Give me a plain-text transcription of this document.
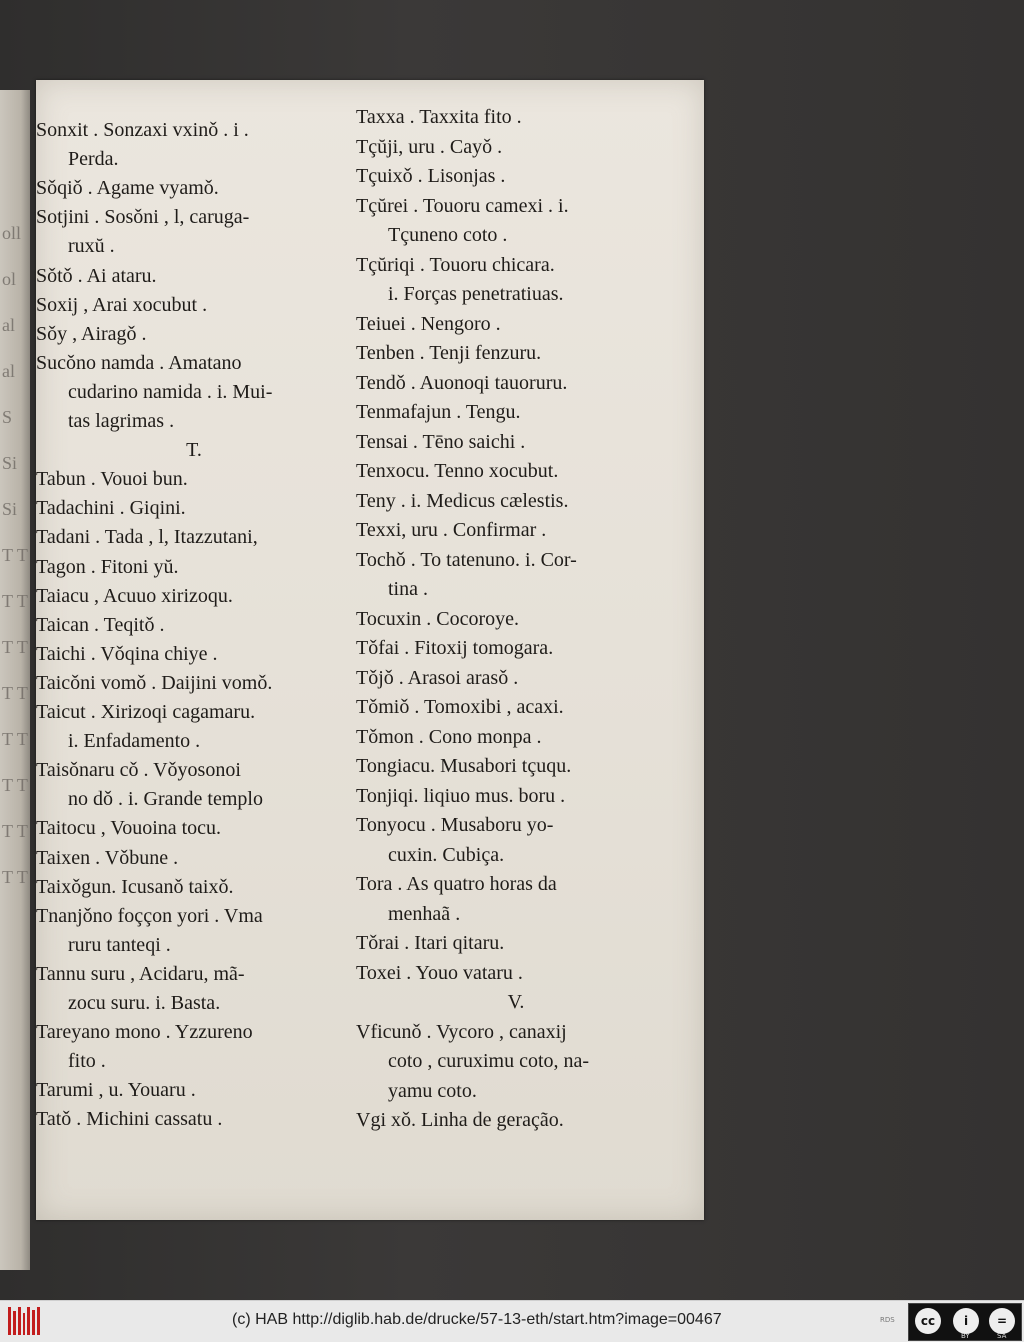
oll ol al al S Si Si T T T T T T T T T T T T T T T T
Sonxit . Sonzaxi vxinǒ . i .
Perda.
Sǒqiǒ . Agame vyamǒ.
Sotjini . Sosǒni , l, caruga-
ruxŭ .
Sǒtǒ . Ai ataru.
Soxij , Arai xocubut .
Sǒy , Airagǒ .
Sucǒno namda . Amatano
cudarino namida . i. Mui-
tas lagrimas .
T.
Tabun . Vouoi bun.
Tadachini . Giqini.
Tadani . Tada , l, Itazzutani,
Tagon . Fitoni yŭ.
Taiacu , Acuuo xirizoqu.
Taican . Teqitǒ .
Taichi . Vǒqina chiye .
Taicǒni vomǒ . Daijini vomǒ.
Taicut . Xirizoqi cagamaru.
i. Enfadamento .
Taisǒnaru cǒ . Vǒyosonoi
no dǒ . i. Grande templo
Taitocu , Vouoina tocu.
Taixen . Vǒbune .
Taixǒgun. Icusanǒ taixǒ.
Tnanjǒno foççon yori . Vma
ruru tanteqi .
Tannu suru , Acidaru, mã-
zocu suru. i. Basta.
Tareyano mono . Yzzureno
fito .
Tarumi , u. Youaru .
Tatǒ . Michini cassatu .
Taxxa . Taxxita fito .
Tçŭji, uru . Cayǒ .
Tçuixǒ . Lisonjas .
Tçŭrei . Touoru camexi . i.
Tçuneno coto .
Tçŭriqi . Touoru chicara.
i. Forças penetratiuas.
Teiuei . Nengoro .
Tenben . Tenji fenzuru.
Tendǒ . Auonoqi tauoruru.
Tenmafajun . Tengu.
Tensai . Tēno saichi .
Tenxocu. Tenno xocubut.
Teny . i. Medicus cælestis.
Texxi, uru . Confirmar .
Tochǒ . To tatenuno. i. Cor-
tina .
Tocuxin . Cocoroye.
Tǒfai . Fitoxij tomogara.
Tǒjǒ . Arasoi arasǒ .
Tǒmiǒ . Tomoxibi , acaxi.
Tǒmon . Cono monpa .
Tongiacu. Musabori tçuqu.
Tonjiqi. liqiuo mus. boru .
Tonyocu . Musaboru yo-
cuxin. Cubiça.
Tora . As quatro horas da
menhaã .
Tǒrai . Itari qitaru.
Toxei . Youo vataru .
V.
Vficunǒ . Vycoro , canaxij
coto , curuximu coto, na-
yamu coto.
Vgi xǒ. Linha de geração.
(c) HAB http://diglib.hab.de/drucke/57-13-eth/start.htm?image=00467	RDS	cc	i	=
BY	SA
